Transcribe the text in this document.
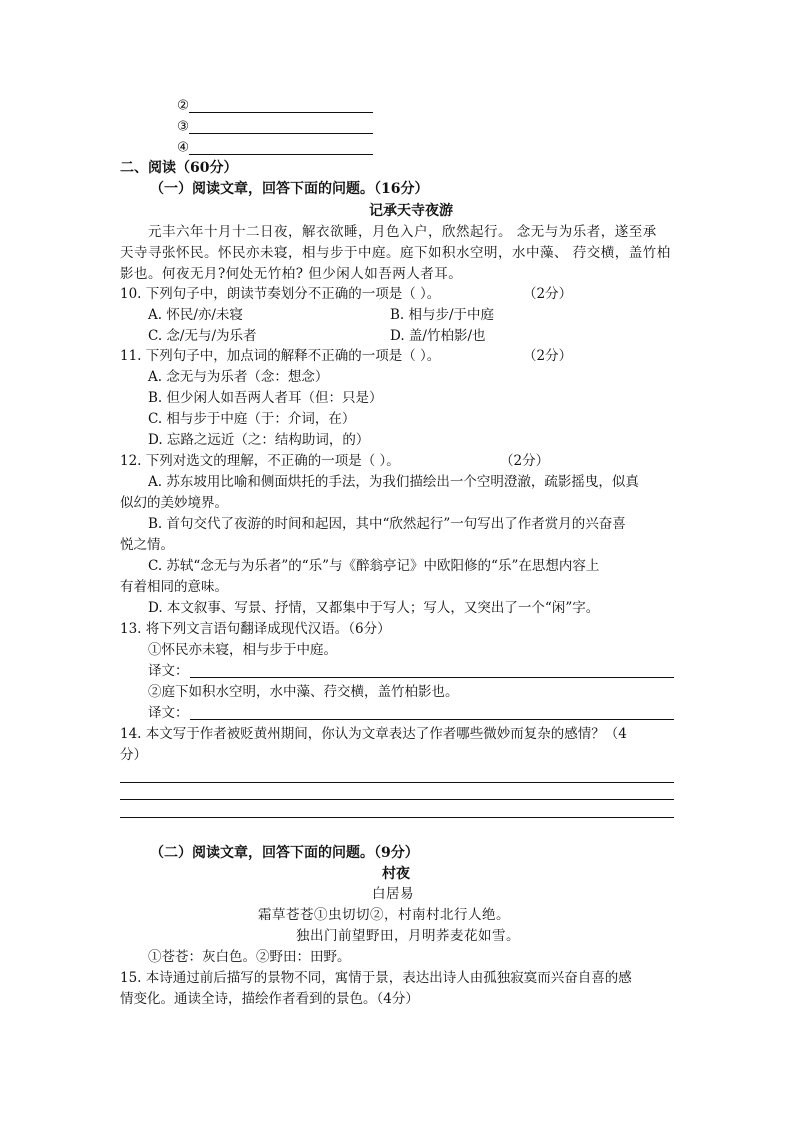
②
③
④
二、阅读（60分）
（一）阅读文章，回答下面的问题。（16分）
记承天寺夜游
元丰六年十月十二日夜，解衣欲睡，月色入户，欣然起行。 念无与为乐者，遂至承
天寺寻张怀民。怀民亦未寝，相与步于中庭。庭下如积水空明，水中藻、 荇交横，盖竹柏
影也。何夜无月?何处无竹柏? 但少闲人如吾两人者耳。
10. 下列句子中，朗读节奏划分不正确的一项是（ ）。	（2分）
A. 怀民/亦/未寝	B. 相与步/于中庭
C. 念/无与/为乐者	D. 盖/竹柏影/也
11. 下列句子中，加点词的解释不正确的一项是（ ）。	（2分）
A. 念无与为乐者（念：想念）
B. 但少闲人如吾两人者耳（但：只是）
C. 相与步于中庭（于：介词，在）
D. 忘路之远近（之：结构助词，的）
12. 下列对选文的理解，不正确的一项是（ ）。	（2分）
A. 苏东坡用比喻和侧面烘托的手法，为我们描绘出一个空明澄澈，疏影摇曳，似真
似幻的美妙境界。
B. 首句交代了夜游的时间和起因，其中“欣然起行”一句写出了作者赏月的兴奋喜
悦之情。
C. 苏轼“念无与为乐者”的“乐”与《醉翁亭记》中欧阳修的“乐”在思想内容上
有着相同的意味。
D. 本文叙事、写景、抒情，又都集中于写人；写人，又突出了一个“闲”字。
13. 将下列文言语句翻译成现代汉语。（6分）
①怀民亦未寝，相与步于中庭。
译文：
②庭下如积水空明，水中藻、荇交横，盖竹柏影也。
译文：
14. 本文写于作者被贬黄州期间，你认为文章表达了作者哪些微妙而复杂的感情？（4
分）
（二）阅读文章，回答下面的问题。（9分）
村夜
白居易
霜草苍苍①虫切切②，村南村北行人绝。
独出门前望野田，月明荞麦花如雪。
①苍苍：灰白色。②野田：田野。
15. 本诗通过前后描写的景物不同，寓情于景，表达出诗人由孤独寂寞而兴奋自喜的感
情变化。通读全诗，描绘作者看到的景色。（4分）
